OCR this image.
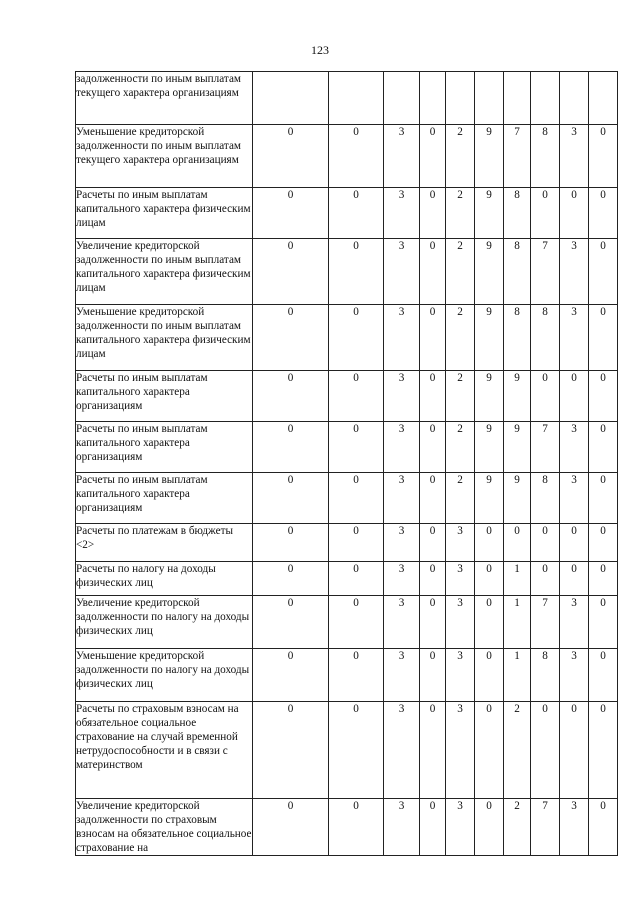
123
задолженности по иным выплатам текущего характера организациям										
Уменьшение кредиторской задолженности по иным выплатам текущего характера организациям	0	0	3	0	2	9	7	8	3	0
Расчеты по иным выплатам капитального характера физическим лицам	0	0	3	0	2	9	8	0	0	0
Увеличение кредиторской задолженности по иным выплатам капитального характера физическим лицам	0	0	3	0	2	9	8	7	3	0
Уменьшение кредиторской задолженности по иным выплатам капитального характера физическим лицам	0	0	3	0	2	9	8	8	3	0
Расчеты по иным выплатам капитального характера организациям	0	0	3	0	2	9	9	0	0	0
Расчеты по иным выплатам капитального характера организациям	0	0	3	0	2	9	9	7	3	0
Расчеты по иным выплатам капитального характера организациям	0	0	3	0	2	9	9	8	3	0
Расчеты по платежам в бюджеты <2>	0	0	3	0	3	0	0	0	0	0
Расчеты по налогу на доходы физических лиц	0	0	3	0	3	0	1	0	0	0
Увеличение кредиторской задолженности по налогу на доходы физических лиц	0	0	3	0	3	0	1	7	3	0
Уменьшение кредиторской задолженности по налогу на доходы физических лиц	0	0	3	0	3	0	1	8	3	0
Расчеты по страховым взносам на обязательное социальное страхование на случай временной нетрудоспособности и в связи с материнством	0	0	3	0	3	0	2	0	0	0
Увеличение кредиторской задолженности по страховым взносам на обязательное социальное страхование на	0	0	3	0	3	0	2	7	3	0
